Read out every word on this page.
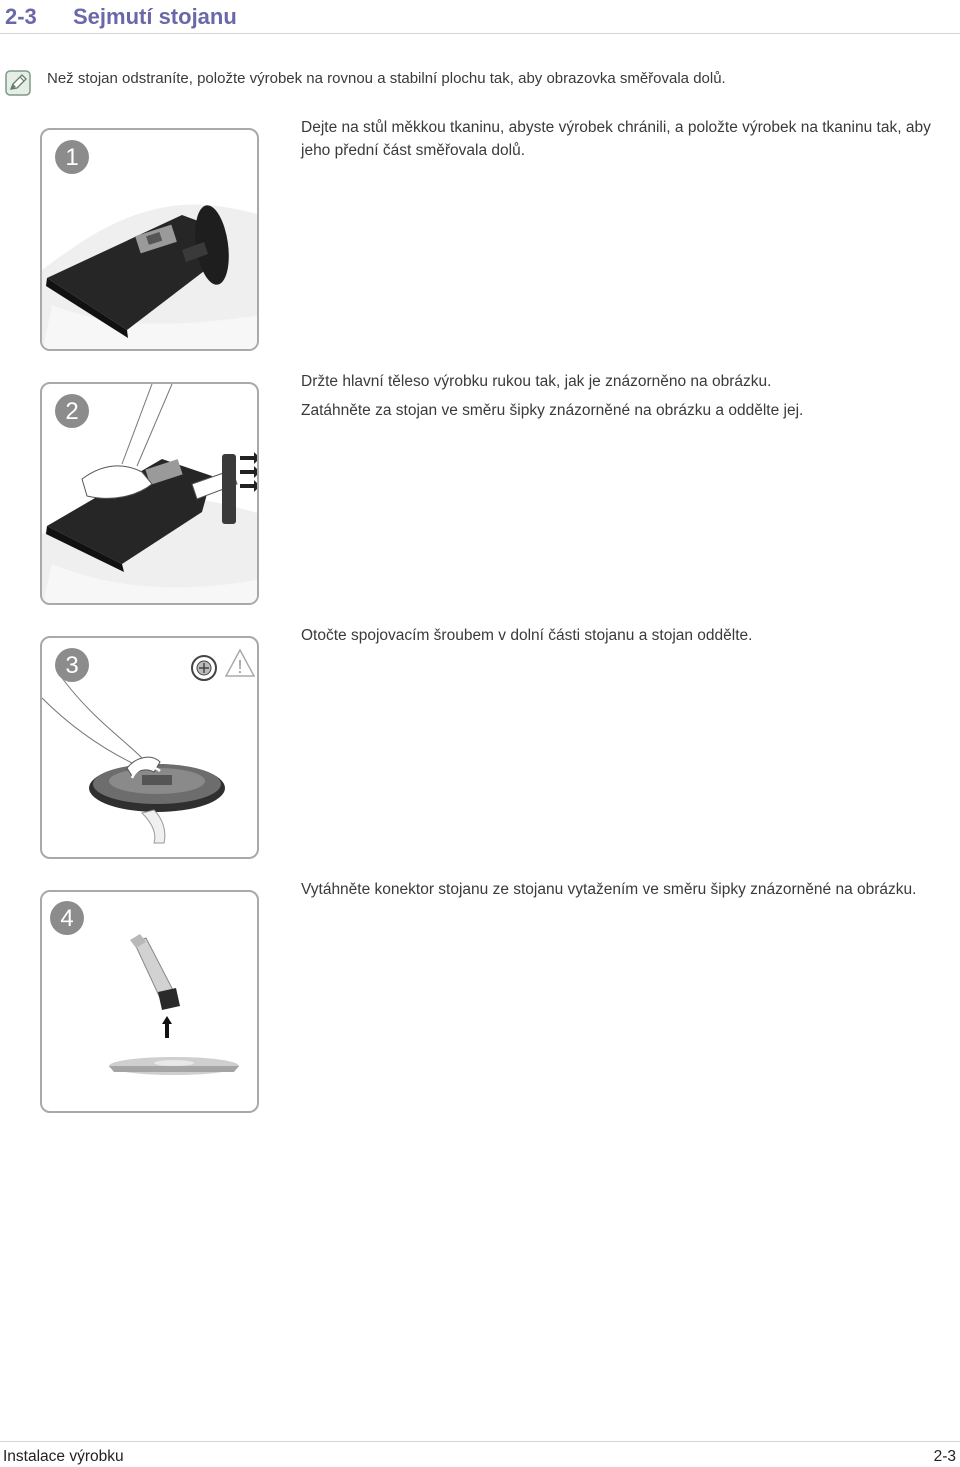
2-3 Sejmutí stojanu
Než stojan odstraníte, položte výrobek na rovnou a stabilní plochu tak, aby obrazovka směřovala dolů.
1

Dejte na stůl měkkou tkaninu, abyste výrobek chránili, a položte výrobek na tkaninu tak, aby jeho přední část směřovala dolů.

2

Držte hlavní těleso výrobku rukou tak, jak je znázorněno na obrázku.

Zatáhněte za stojan ve směru šipky znázorněné na obrázku a oddělte jej.

!
3

Otočte spojovacím šroubem v dolní části stojanu a stojan oddělte.

4

Vytáhněte konektor stojanu ze stojanu vytažením ve směru šipky znázorněné na obrázku.

Instalace výrobku	2-3
